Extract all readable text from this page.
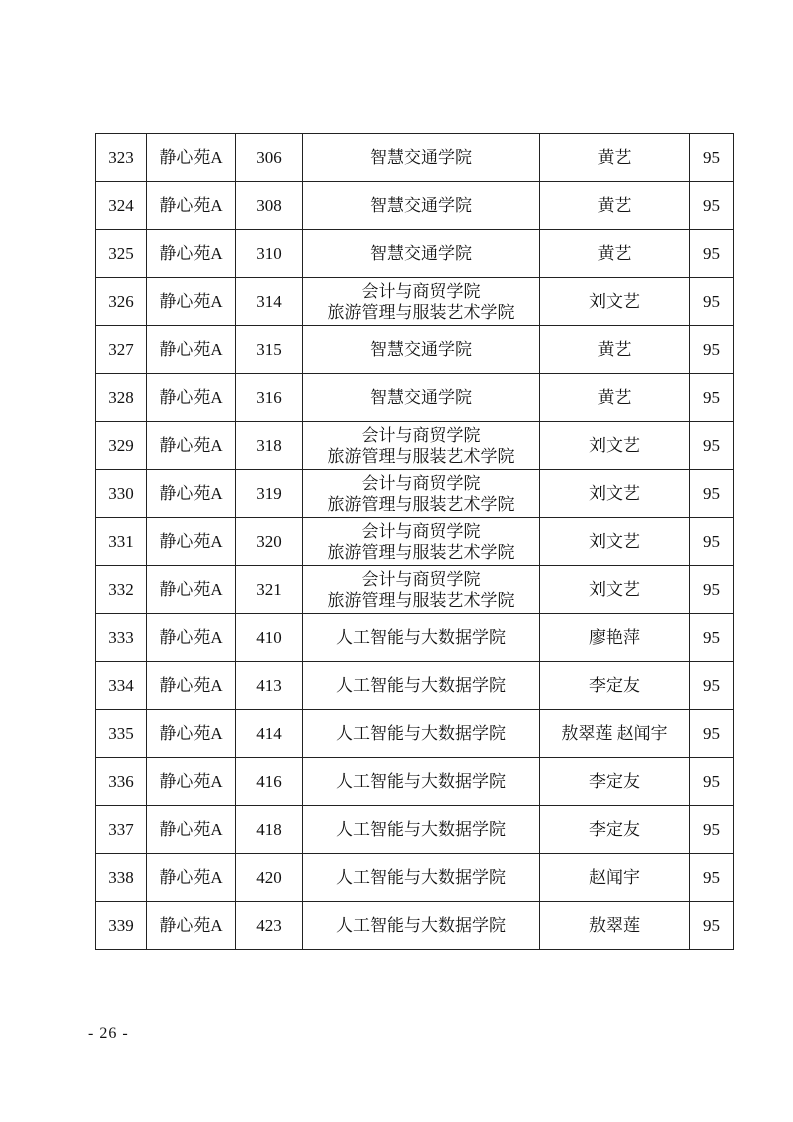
323	静心苑A	306	智慧交通学院	黄艺	95
324	静心苑A	308	智慧交通学院	黄艺	95
325	静心苑A	310	智慧交通学院	黄艺	95
326	静心苑A	314	会计与商贸学院
旅游管理与服装艺术学院	刘文艺	95
327	静心苑A	315	智慧交通学院	黄艺	95
328	静心苑A	316	智慧交通学院	黄艺	95
329	静心苑A	318	会计与商贸学院
旅游管理与服装艺术学院	刘文艺	95
330	静心苑A	319	会计与商贸学院
旅游管理与服装艺术学院	刘文艺	95
331	静心苑A	320	会计与商贸学院
旅游管理与服装艺术学院	刘文艺	95
332	静心苑A	321	会计与商贸学院
旅游管理与服装艺术学院	刘文艺	95
333	静心苑A	410	人工智能与大数据学院	廖艳萍	95
334	静心苑A	413	人工智能与大数据学院	李定友	95
335	静心苑A	414	人工智能与大数据学院	敖翠莲 赵闻宇	95
336	静心苑A	416	人工智能与大数据学院	李定友	95
337	静心苑A	418	人工智能与大数据学院	李定友	95
338	静心苑A	420	人工智能与大数据学院	赵闻宇	95
339	静心苑A	423	人工智能与大数据学院	敖翠莲	95
- 26 -
